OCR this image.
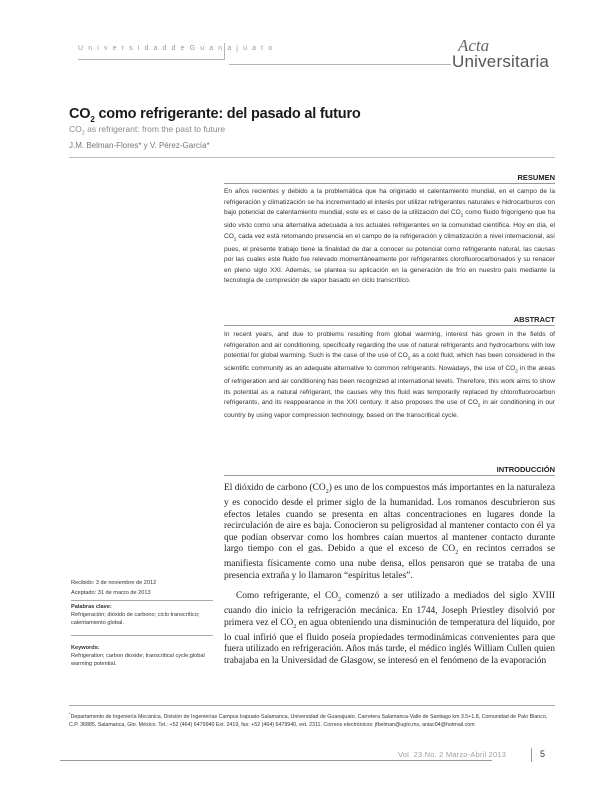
U n i v e r s i d a d d e G u a n a j u a t o	Acta
Universitaria
$CO_2$ como refrigerante: del pasado al futuro
$CO_2$ as refrigerant: from the past to future
J.M. Belman-Flores* y V. Pérez-García*
RESUMEN
En años recientes y debido a la problemática que ha originado el calentamiento mundial, en el campo de la refrigeración y climatización se ha incrementado el interés por utilizar refrigerantes naturales e hidrocarburos con bajo potencial de calentamiento mundial, este es el caso de la utilización del $CO_2$ como fluido frigorígeno que ha sido visto como una alternativa adecuada a los actuales refrigerantes en la comunidad científica. Hoy en día, el $CO_2$ cada vez está retomando presencia en el campo de la refrigeración y climatización a nivel internacional, así pues, el presente trabajo tiene la finalidad de dar a conocer su potencial como refrigerante natural, las causas por las cuales este fluido fue relevado momentáneamente por refrigerantes clorofluorocarbonados y su renacer en pleno siglo XXI. Además, se plantea su aplicación en la generación de frío en nuestro país mediante la tecnología de compresión de vapor basado en ciclo transcrítico.
ABSTRACT
In recent years, and due to problems resulting from global warming, interest has grown in the fields of refrigeration and air conditioning, specifically regarding the use of natural refrigerants and hydrocarbons with low potential for global warming. Such is the case of the use of $CO_2$ as a cold fluid, which has been considered in the scientific community as an adequate alternative to common refrigerants. Nowadays, the use of $CO_2$ in the areas of refrigeration and air conditioning has been recognized at international levels. Therefore, this work aims to show its potential as a natural refrigerant, the causes why this fluid was temporarily replaced by chlorofluorocarbon refrigerants, and its reappearance in the XXI century. It also proposes the use of $CO_2$ in air conditioning in our country by using vapor compression technology, based on the transcritical cycle.
INTRODUCCIÓN
El dióxido de carbono $(CO_2)$ es uno de los compuestos más importantes en la naturaleza y es conocido desde el primer siglo de la humanidad. Los romanos descubrieron sus efectos letales cuando se presenta en altas concentraciones en lugares donde la recirculación de aire es baja. Conocieron su peligrosidad al mantener contacto con él ya que podían observar como los hombres caían muertos al mantener contacto durante largo tiempo con el gas. Debido a que el exceso de $CO_2$ en recintos cerrados se manifiesta físicamente como una nube densa, ellos pensaron que se trataba de una presencia extraña y lo llamaron “espíritus letales”.
Como refrigerante, el $CO_2$ comenzó a ser utilizado a mediados del siglo XVIII cuando dio inicio la refrigeración mecánica. En 1744, Joseph Priestley disolvió por primera vez el $CO_2$ en agua obteniendo una disminución de temperatura del líquido, por lo cual infirió que el fluido poseía propiedades termodinámicas convenientes para que fuera utilizado en refrigeración. Años más tarde, el médico inglés William Cullen quien trabajaba en la Universidad de Glasgow, se interesó en el fenómeno de la evaporación
Recibido: 3 de noviembre de 2012
Aceptado: 31 de marzo de 2013
Palabras clave:
Refrigeración; dióxido de carbono; ciclo transcrítico; calentamiento global.
Keywords:
Refrigeration; carbon dioxide; transcritical cycle;global warming potential.
*Departamento de Ingeniería Mecánica, División de Ingenierías Campus Irapuato-Salamanca, Universidad de Guanajuato. Carretera Salamanca-Valle de Santiago km 3.5+1.8, Comunidad de Palo Blanco, C.P. 36885, Salamanca, Gto. México. Tel.: +52 (464) 6479940 Ext. 2419, fax: +52 (464) 6479940, ext. 2311. Correos electrónicos: jfbelman@ugto.mx, aniac04@hotmail.com
Vol. 23 No. 2 Marzo-Abril 2013	5
